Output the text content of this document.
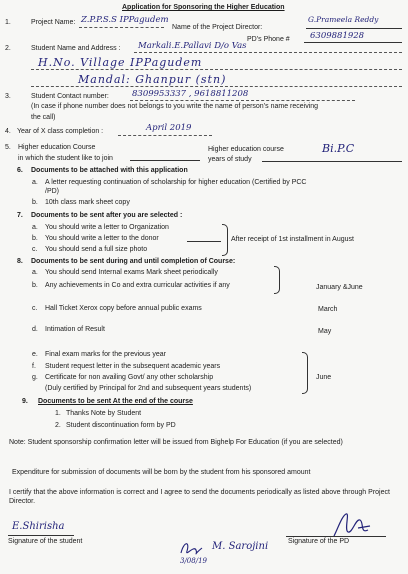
Application for Sponsoring the Higher Education
1.	Project Name: Z.P.P.S.S IPPagudem
Name of the Project Director:
G.Prameela Reddy
PD’s Phone # 6309881928
2.	Student Name and Address : Markali.E.Pallavi D/o Vas
H.No. Village IPPagudem
Mandal: Ghanpur (stn)
3.	Student Contact number:	8309953337 , 9618811208
(In case if phone number does not belongs to you write the name of person’s name receiving
the call)
4. Year of X class completion :	April 2019
5. Higher education Course
in which the student like to join
Higher education course
years of study
Bi.P.C
6. Documents to be attached with this application
a. A letter requesting continuation of scholarship for higher education (Certified by PCC
/PD)
b. 10th class mark sheet copy
7. Documents to be sent after you are selected :
a. You should write a letter to Organization
b. You should write a letter to the donor
c. You should send a full size photo
After receipt of 1st installment in August
8. Documents to be sent during and until completion of Course:
a. You should send Internal exams Mark sheet periodically
b. Any achievements in Co and extra curricular activities if any	January &June
c. Hall Ticket Xerox copy before annual public exams	March
d. Intimation of Result	May
e. Final exam marks for the previous year
f. Student request letter in the subsequent academic years
g. Certificate for non availing Govt/ any other scholarship
(Duly certified by Principal for 2nd and subsequent years students)
June
9. Documents to be sent At the end of the course
1. Thanks Note by Student
2. Student discontinuation form by PD
Note: Student sponsorship confirmation letter will be issued from Bighelp For Education (if you are selected)
Expenditure for submission of documents will be born by the student from his sponsored amount
I certify that the above information is correct and I agree to send the documents periodically as listed above through Project Director.
E.Shirisha
Signature of the student
3/08/19
M. Sarojini	Signature of the PD
